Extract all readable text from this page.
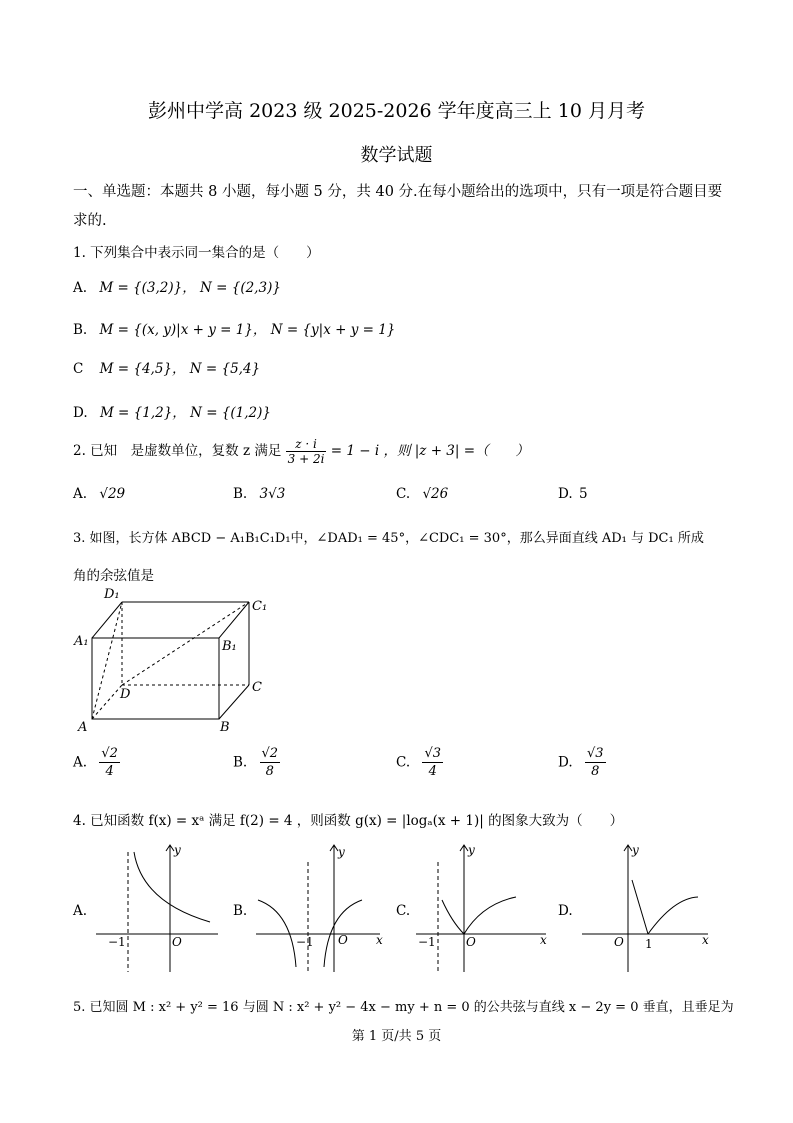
彭州中学高 2023 级 2025-2026 学年度高三上 10 月月考
数学试题
一、单选题：本题共 8 小题，每小题 5 分，共 40 分.在每小题给出的选项中，只有一项是符合题目要求的.
1. 下列集合中表示同一集合的是（　　）
A. M = {(3,2)}， N = {(2,3)}
B. M = {(x, y)|x + y = 1}， N = {y|x + y = 1}
C M = {4,5}， N = {5,4}
D. M = {1,2}， N = {(1,2)}
2. 已知　是虚数单位，复数 z 满足 $\frac{z \cdot i}{3 + 2i} = 1 - i$ ，则 |z + 3| =（　　）
A. √29	B. 3√3	C. √26	D. 5
3. 如图，长方体 ABCD − A₁B₁C₁D₁中，∠DAD₁ = 45°，∠CDC₁ = 30°，那么异面直线 AD₁ 与 DC₁ 所成
角的余弦值是
D₁
C₁
A₁	B₁
D	C
A	B
A. $\frac{√2}{4}$	B. $\frac{√2}{8}$	C. $\frac{√3}{4}$	D. $\frac{√3}{8}$
4. 已知函数 f(x) = xᵃ 满足 f(2) = 4 ，则函数 g(x) = |logₐ(x + 1)| 的图象大致为（　　）
A.
y
O
−1
B.
y
O
−1	x
C.
y
O
−1	x
D.
y
O 1	x
5. 已知圆 M : x² + y² = 16 与圆 N : x² + y² − 4x − my + n = 0 的公共弦与直线 x − 2y = 0 垂直，且垂足为
第 1 页/共 5 页
